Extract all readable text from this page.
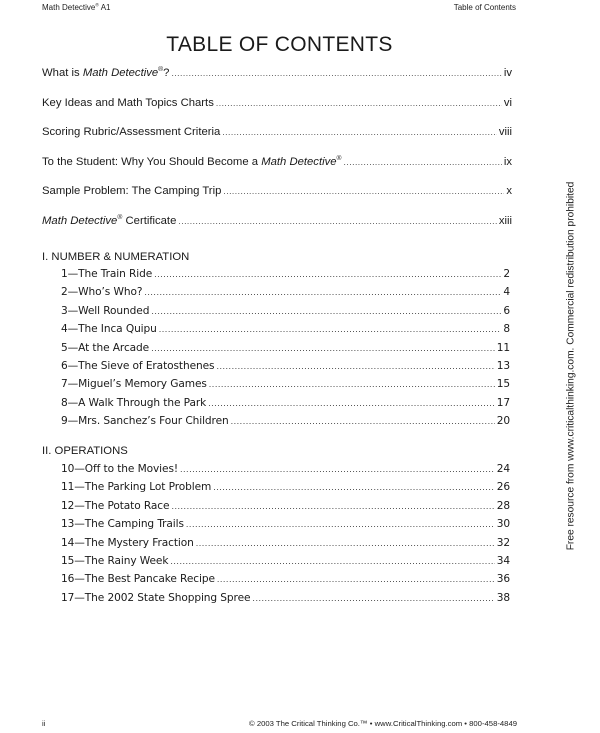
Math Detective® A1	Table of Contents
TABLE OF CONTENTS
What is Math Detective®? .....	iv
Key Ideas and Math Topics Charts .....	vi
Scoring Rubric/Assessment Criteria .....	viii
To the Student: Why You Should Become a Math Detective® .....	ix
Sample Problem: The Camping Trip .....	x
Math Detective® Certificate .....	xiii
I. NUMBER & NUMERATION
1—The Train Ride .....	2
2—Who’s Who? .....	4
3—Well Rounded .....	6
4—The Inca Quipu .....	8
5—At the Arcade .....	11
6—The Sieve of Eratosthenes .....	13
7—Miguel’s Memory Games .....	15
8—A Walk Through the Park .....	17
9—Mrs. Sanchez’s Four Children .....	20
II. OPERATIONS
10—Off to the Movies! .....	24
11—The Parking Lot Problem .....	26
12—The Potato Race .....	28
13—The Camping Trails .....	30
14—The Mystery Fraction .....	32
15—The Rainy Week .....	34
16—The Best Pancake Recipe .....	36
17—The 2002 State Shopping Spree .....	38
Free resource from www.criticalthinking.com. Commercial redistribution prohibited
ii	© 2003 The Critical Thinking Co.™ • www.CriticalThinking.com • 800-458-4849
